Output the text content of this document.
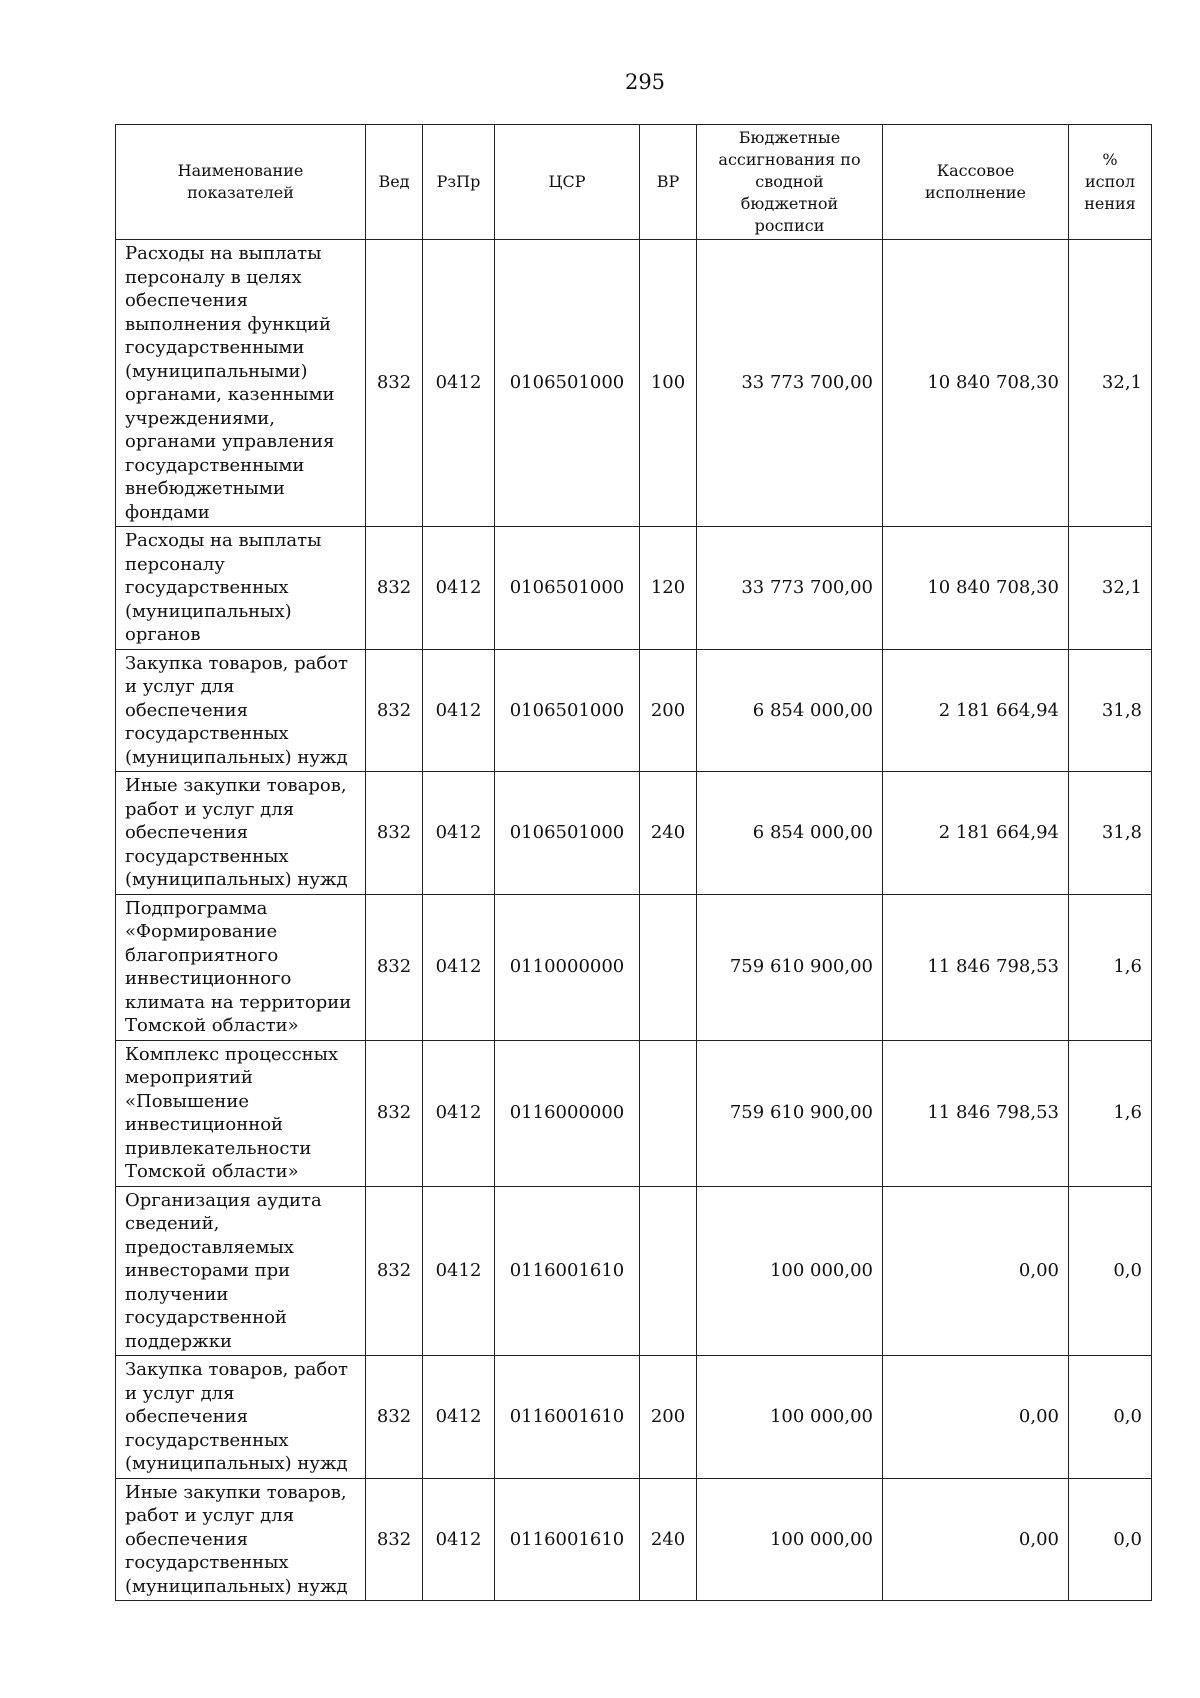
295
Наименование показателей	Вед	РзПр	ЦСР	ВР	Бюджетные ассигнования по сводной бюджетной росписи	Кассовое исполнение	% испол нения
Расходы на выплаты персоналу в целях обеспечения выполнения функций государственными (муниципальными) органами, казенными учреждениями, органами управления государственными внебюджетными фондами	832	0412	0106501000	100	33 773 700,00	10 840 708,30	32,1
Расходы на выплаты персоналу государственных (муниципальных) органов	832	0412	0106501000	120	33 773 700,00	10 840 708,30	32,1
Закупка товаров, работ и услуг для обеспечения государственных (муниципальных) нужд	832	0412	0106501000	200	6 854 000,00	2 181 664,94	31,8
Иные закупки товаров, работ и услуг для обеспечения государственных (муниципальных) нужд	832	0412	0106501000	240	6 854 000,00	2 181 664,94	31,8
Подпрограмма «Формирование благоприятного инвестиционного климата на территории Томской области»	832	0412	0110000000		759 610 900,00	11 846 798,53	1,6
Комплекс процессных мероприятий «Повышение инвестиционной привлекательности Томской области»	832	0412	0116000000		759 610 900,00	11 846 798,53	1,6
Организация аудита сведений, предоставляемых инвесторами при получении государственной поддержки	832	0412	0116001610		100 000,00	0,00	0,0
Закупка товаров, работ и услуг для обеспечения государственных (муниципальных) нужд	832	0412	0116001610	200	100 000,00	0,00	0,0
Иные закупки товаров, работ и услуг для обеспечения государственных (муниципальных) нужд	832	0412	0116001610	240	100 000,00	0,00	0,0
